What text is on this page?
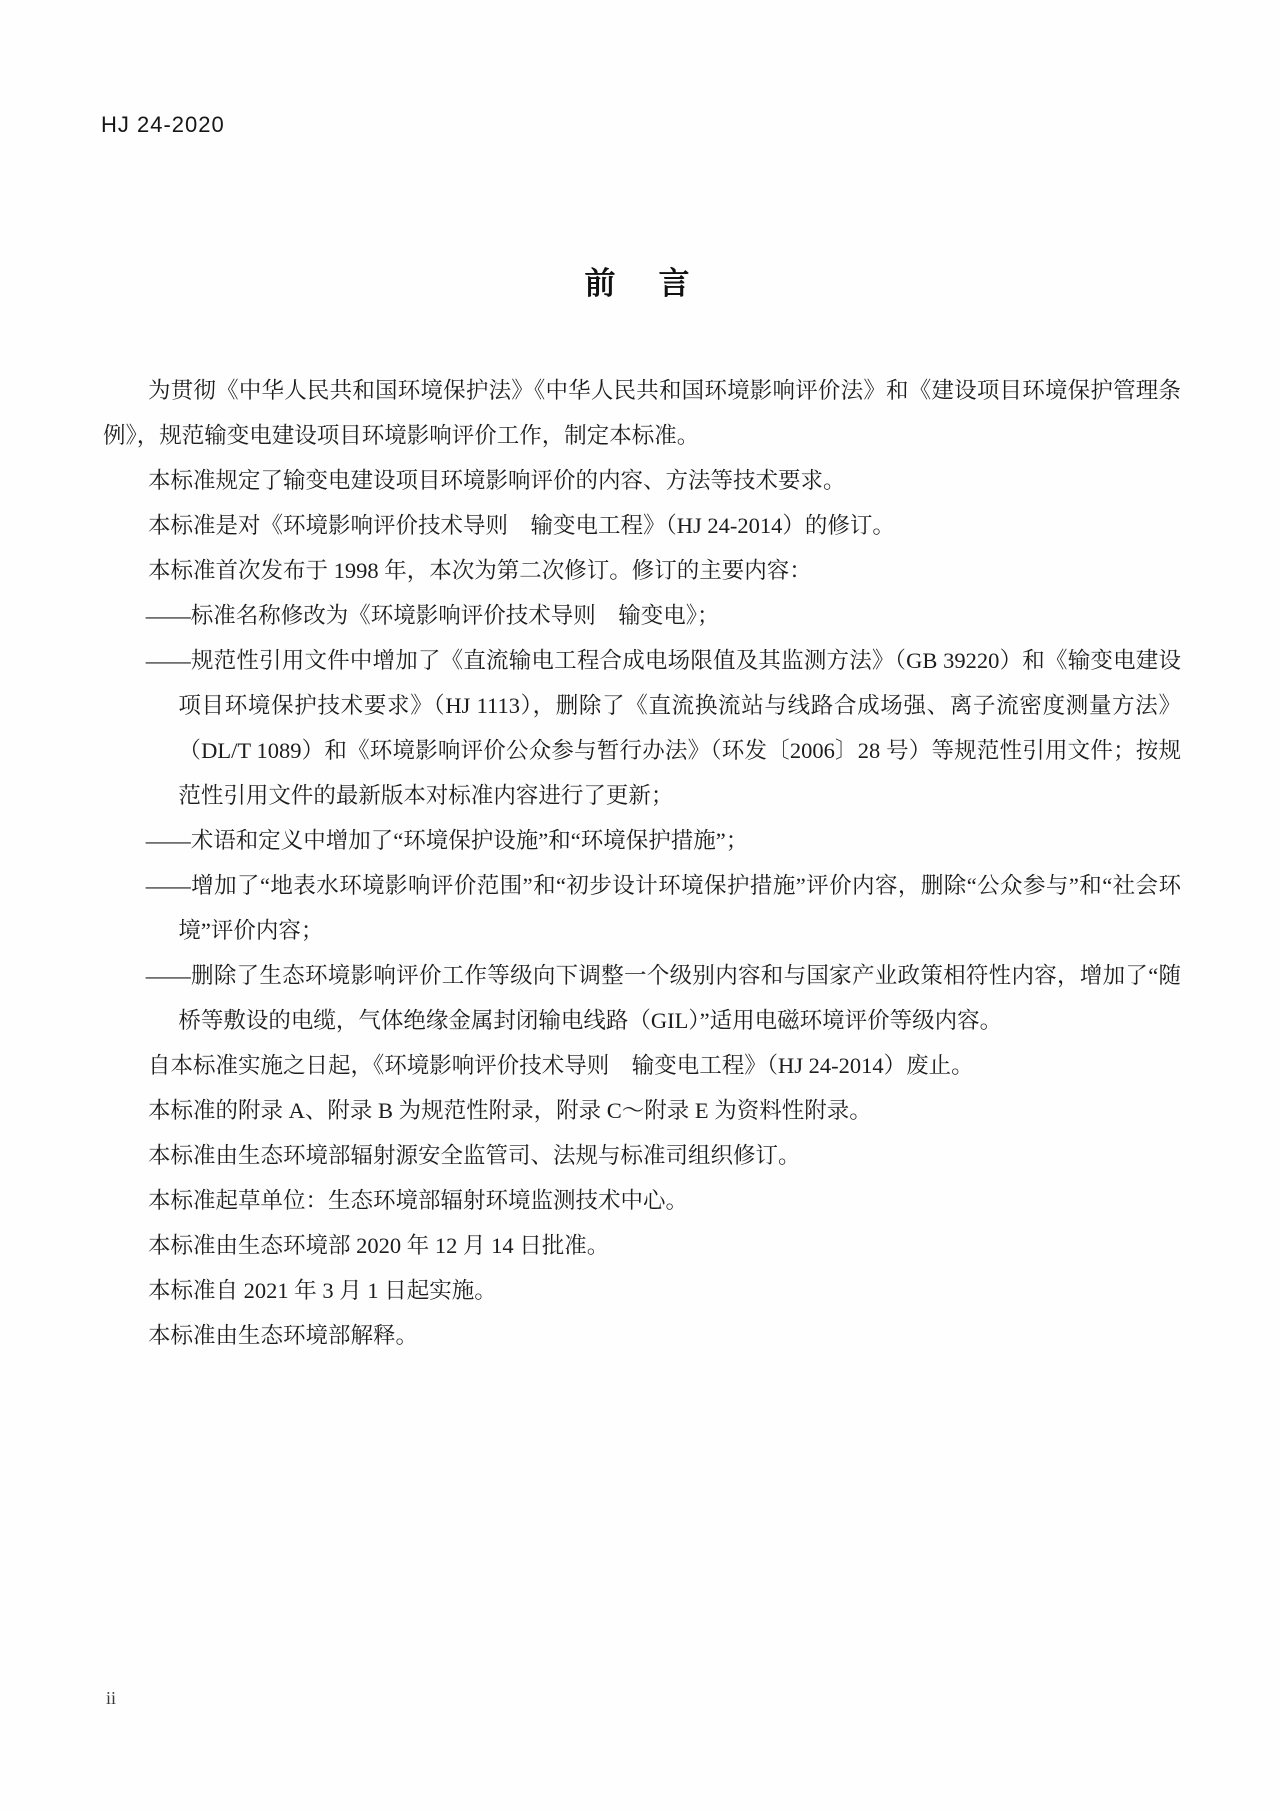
HJ 24-2020
前　言

为贯彻《中华人民共和国环境保护法》《中华人民共和国环境影响评价法》和《建设项目环境保护管理条例》，规范输变电建设项目环境影响评价工作，制定本标准。

本标准规定了输变电建设项目环境影响评价的内容、方法等技术要求。

本标准是对《环境影响评价技术导则　输变电工程》（HJ 24-2014）的修订。

本标准首次发布于 1998 年，本次为第二次修订。修订的主要内容：

——标准名称修改为《环境影响评价技术导则　输变电》；

——规范性引用文件中增加了《直流输电工程合成电场限值及其监测方法》（GB 39220）和《输变电建设项目环境保护技术要求》（HJ 1113），删除了《直流换流站与线路合成场强、离子流密度测量方法》（DL/T 1089）和《环境影响评价公众参与暂行办法》（环发〔2006〕28 号）等规范性引用文件；按规范性引用文件的最新版本对标准内容进行了更新；

——术语和定义中增加了“环境保护设施”和“环境保护措施”；

——增加了“地表水环境影响评价范围”和“初步设计环境保护措施”评价内容，删除“公众参与”和“社会环境”评价内容；

——删除了生态环境影响评价工作等级向下调整一个级别内容和与国家产业政策相符性内容，增加了“随桥等敷设的电缆，气体绝缘金属封闭输电线路（GIL）”适用电磁环境评价等级内容。

自本标准实施之日起，《环境影响评价技术导则　输变电工程》（HJ 24-2014）废止。

本标准的附录 A、附录 B 为规范性附录，附录 C～附录 E 为资料性附录。

本标准由生态环境部辐射源安全监管司、法规与标准司组织修订。

本标准起草单位：生态环境部辐射环境监测技术中心。

本标准由生态环境部 2020 年 12 月 14 日批准。

本标准自 2021 年 3 月 1 日起实施。

本标准由生态环境部解释。

ii
